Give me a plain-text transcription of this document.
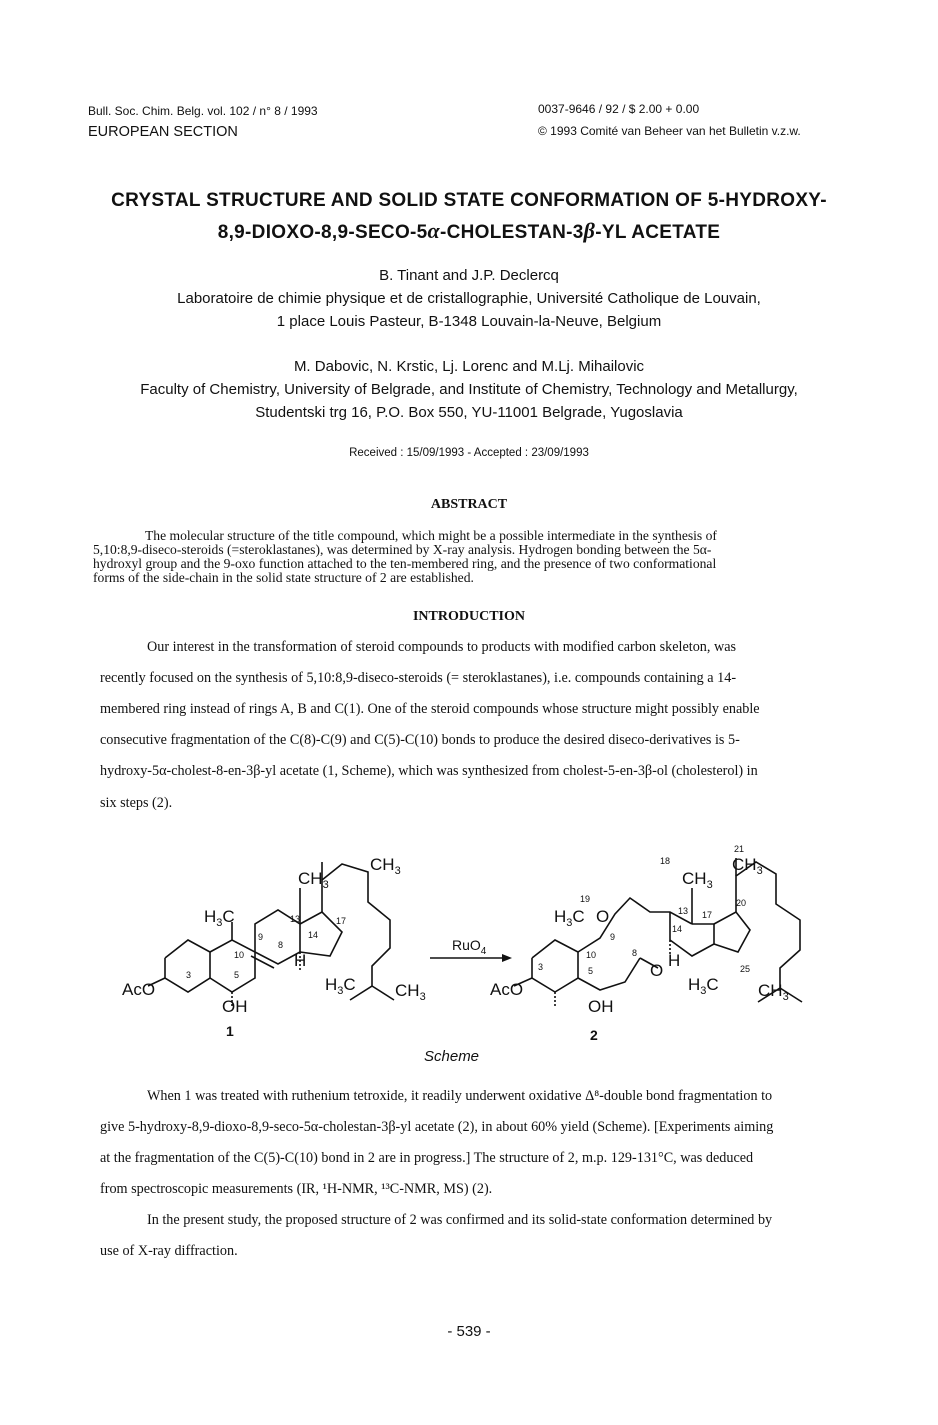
Bull. Soc. Chim. Belg. vol. 102 / n° 8 / 1993
EUROPEAN SECTION
0037-9646 / 92 / $ 2.00 + 0.00
© 1993 Comité van Beheer van het Bulletin v.z.w.
CRYSTAL STRUCTURE AND SOLID STATE CONFORMATION OF 5-HYDROXY-
8,9-DIOXO-8,9-SECO-5α-CHOLESTAN-3β-YL ACETATE
B. Tinant and J.P. Declercq
Laboratoire de chimie physique et de cristallographie, Université Catholique de Louvain,
1 place Louis Pasteur, B-1348 Louvain-la-Neuve, Belgium
M. Dabovic, N. Krstic, Lj. Lorenc and M.Lj. Mihailovic
Faculty of Chemistry, University of Belgrade, and Institute of Chemistry, Technology and Metallurgy,
Studentski trg 16, P.O. Box 550, YU-11001 Belgrade, Yugoslavia
Received : 15/09/1993 - Accepted : 23/09/1993
ABSTRACT
The molecular structure of the title compound, which might be a possible intermediate in the synthesis of
5,10:8,9-diseco-steroids (=steroklastanes), was determined by X-ray analysis. Hydrogen bonding between the 5α-
hydroxyl group and the 9-oxo function attached to the ten-membered ring, and the presence of two conformational
forms of the side-chain in the solid state structure of 2 are established.
INTRODUCTION
Our interest in the transformation of steroid compounds to products with modified carbon skeleton, was
recently focused on the synthesis of 5,10:8,9-diseco-steroids (= steroklastanes), i.e. compounds containing a 14-
membered ring instead of rings A, B and C(1). One of the steroid compounds whose structure might possibly enable
consecutive fragmentation of the C(8)-C(9) and C(5)-C(10) bonds to produce the desired diseco-derivatives is 5-
hydroxy-5α-cholest-8-en-3β-yl acetate (1, Scheme), which was synthesized from cholest-5-en-3β-ol (cholesterol) in
six steps (2).
$CH_3$
$CH_3$
$H_3C$
AcO
OH
H
$H_3C$ $CH_3$
1
3	5
9
8
10
13
14
17
RuO$_4$
$CH_3$
$CH_3$
$H_3C$ O
O
H
AcO
OH
$H_3C$ $CH_3$
2
3	5
8
9
10
13
14
17
18
19	20
21
25
Scheme
When 1 was treated with ruthenium tetroxide, it readily underwent oxidative Δ⁸-double bond fragmentation to
give 5-hydroxy-8,9-dioxo-8,9-seco-5α-cholestan-3β-yl acetate (2), in about 60% yield (Scheme). [Experiments aiming
at the fragmentation of the C(5)-C(10) bond in 2 are in progress.] The structure of 2, m.p. 129-131°C, was deduced
from spectroscopic measurements (IR, ¹H-NMR, ¹³C-NMR, MS) (2).
In the present study, the proposed structure of 2 was confirmed and its solid-state conformation determined by
use of X-ray diffraction.
- 539 -
